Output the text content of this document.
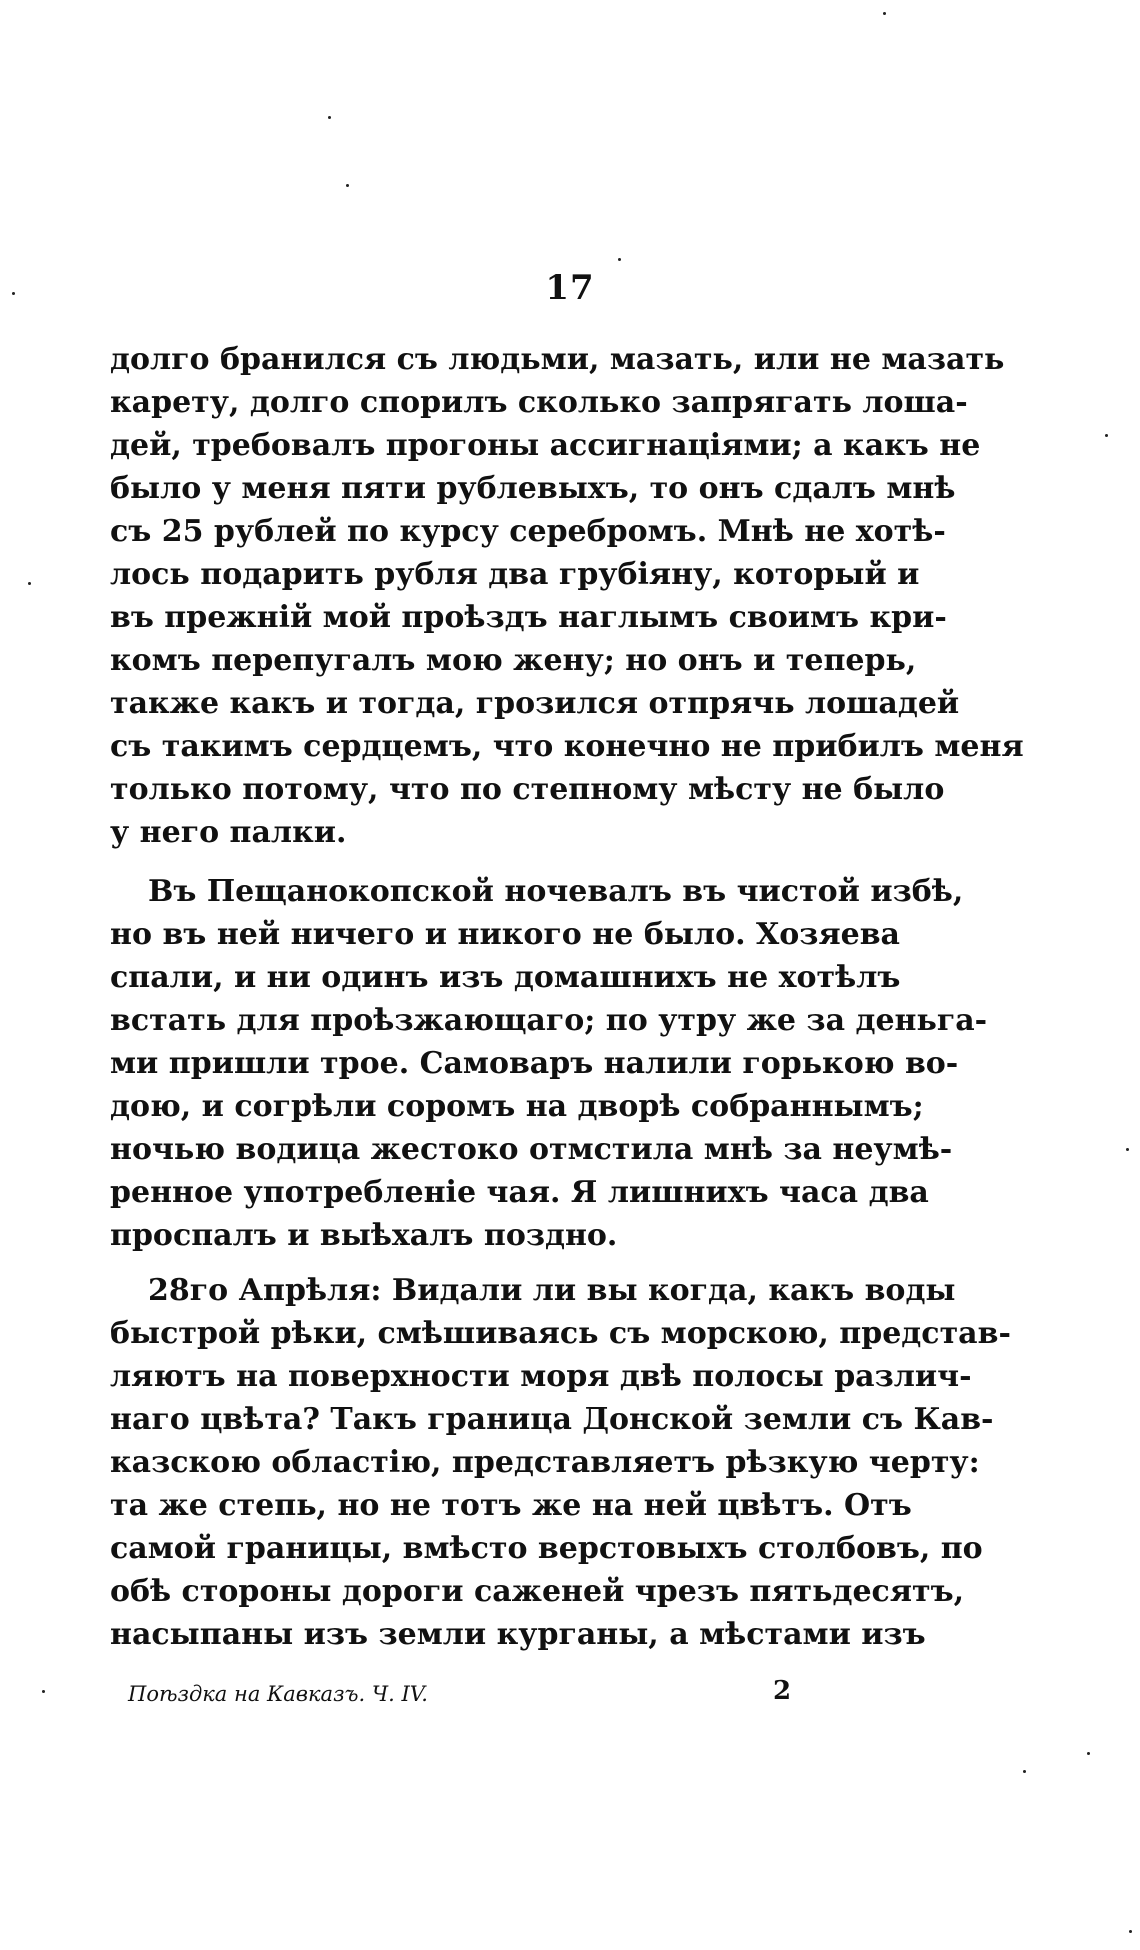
17
долго бранился съ людьми, мазать, или не мазать
карету, долго спорилъ сколько запрягать лоша-
дей, требовалъ прогоны ассигнацiями; а какъ не
было у меня пяти рублевыхъ, то онъ сдалъ мнѣ
съ 25 рублей по курсу серебромъ. Мнѣ не хотѣ-
лось подарить рубля два грубiяну, который и
въ прежнiй мой проѣздъ наглымъ своимъ кри-
комъ перепугалъ мою жену; но онъ и теперь,
также какъ и тогда, грозился отпрячь лошадей
съ такимъ сердцемъ, что конечно не прибилъ меня
только потому, что по степному мѣсту не было
у него палки.
Въ Пещанокопской ночевалъ въ чистой избѣ,
но въ ней ничего и никого не было. Хозяева
спали, и ни одинъ изъ домашнихъ не хотѣлъ
встать для проѣзжающаго; по утру же за деньга-
ми пришли трое. Самоваръ налили горькою во-
дою, и согрѣли соромъ на дворѣ собраннымъ;
ночью водица жестоко отмстила мнѣ за неумѣ-
ренное употребленiе чая. Я лишнихъ часа два
проспалъ и выѣхалъ поздно.
28го Апрѣля: Видали ли вы когда, какъ воды
быстрой рѣки, смѣшиваясь съ морскою, представ-
ляютъ на поверхности моря двѣ полосы различ-
наго цвѣта? Такъ граница Донской земли съ Кав-
казскою областiю, представляетъ рѣзкую черту:
та же степь, но не тотъ же на ней цвѣтъ. Отъ
самой границы, вмѣсто верстовыхъ столбовъ, по
обѣ стороны дороги саженей чрезъ пятьдесятъ,
насыпаны изъ земли курганы, а мѣстами изъ
Поѣздка на Кавказъ. Ч. IV.	2
